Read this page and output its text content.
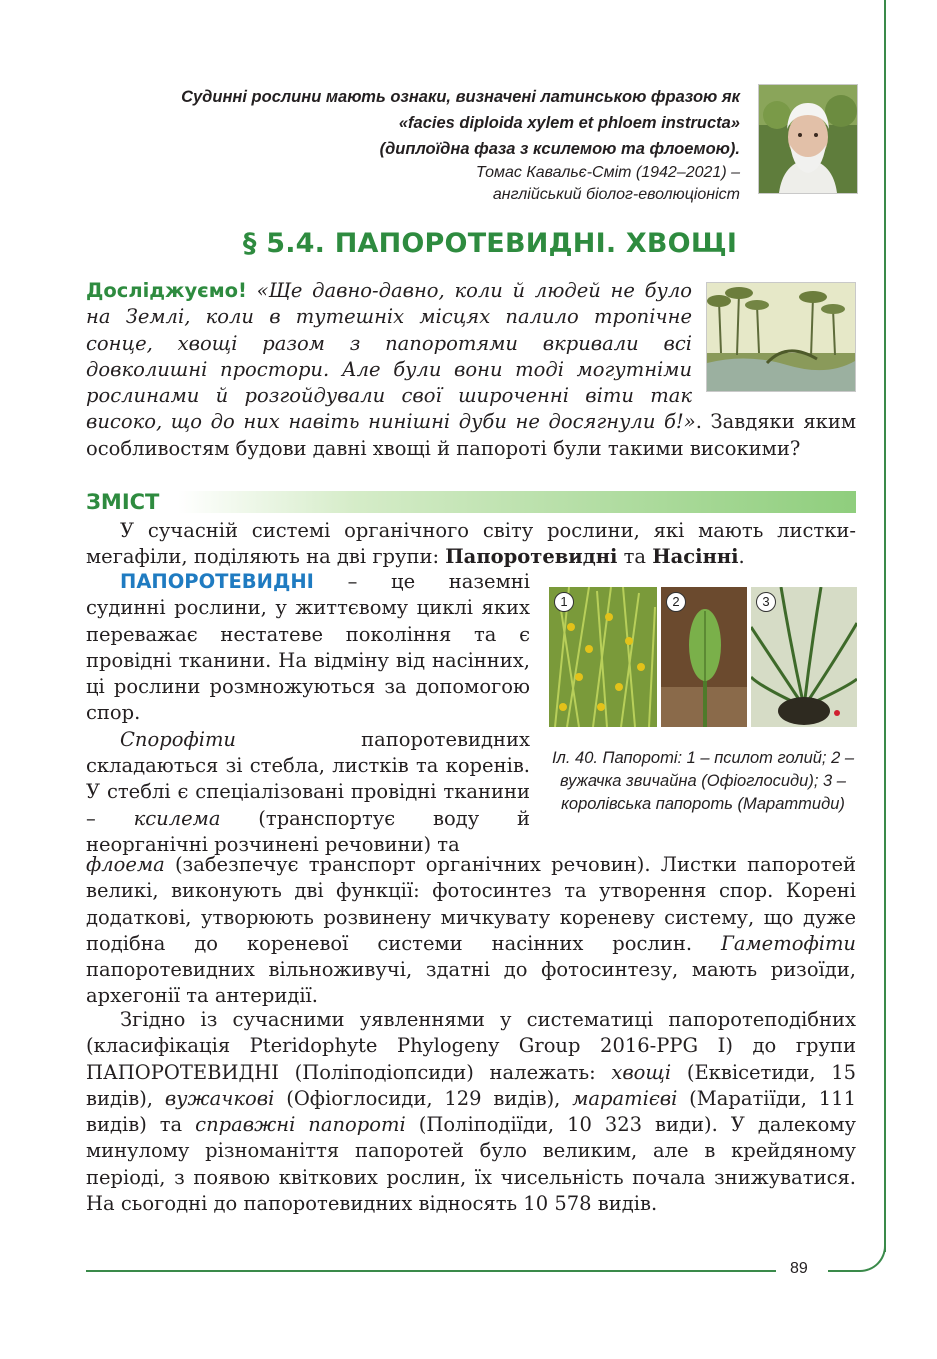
89
Судинні рослини мають ознаки, визначені латинською фразою як
«facies diploida xylem et phloem instructa»
(диплоїдна фаза з ксилемою та флоемою).
Томас Кавальє-Сміт (1942–2021) –
англійський біолог-еволюціоніст
§ 5.4. ПАПОРОТЕВИДНІ. ХВОЩІ
Досліджуємо! «Ще давно-давно, коли й людей не було на Землі, коли в тутешніх місцях палило тропічне сонце, хвощі разом з папоротями вкривали всі довколишні простори. Але були вони тоді могутніми рослинами й розгойдували свої широченні віти так високо, що до них навіть нинішні дуби не досягнули б!». Завдяки яким особливостям будови давні хвощі й папороті були такими високими?
ЗМІСТ
У сучасній системі органічного світу рослини, які мають листки-мегафіли, поділяють на дві групи: Папоротевидні та Насінні.

ПАПОРОТЕВИДНІ – це наземні судинні рослини, у життєвому циклі яких переважає нестатеве покоління та є провідні тканини. На відміну від насінних, ці рослини розмножуються за допомогою спор.

Спорофіти папоротевидних складаються зі стебла, листків та коренів. У стеблі є спеціалізовані провідні тканини – ксилема (транспортує воду й неорганічні розчинені речовини) та

1	2	3
Іл. 40. Папороті: 1 – псилот голий; 2 – вужачка звичайна (Офіоглосиди); 3 – королівська папороть (Мараттиди)
флоема (забезпечує транспорт органічних речовин). Листки папоротей великі, виконують дві функції: фотосинтез та утворення спор. Корені додаткові, утворюють розвинену мичкувату кореневу систему, що дуже подібна до кореневої системи насінних рослин. Гаметофіти папоротевидних вільноживучі, здатні до фотосинтезу, мають ризоїди, архегонії та антеридії.
Згідно із сучасними уявленнями у систематиці папоротеподібних (класифікація Pteridophyte Phylogeny Group 2016-PPG I) до групи ПАПОРОТЕВИДНІ (Поліподіопсиди) належать: хвощі (Еквісетиди, 15 видів), вужачкові (Офіоглосиди, 129 видів), маратієві (Маратіїди, 111 видів) та справжні папороті (Поліподіїди, 10 323 види). У далекому минулому різноманіття папоротей було великим, але в крейдяному періоді, з появою квіткових рослин, їх чисельність почала знижуватися. На сьогодні до папоротевидних відносять 10 578 видів.
